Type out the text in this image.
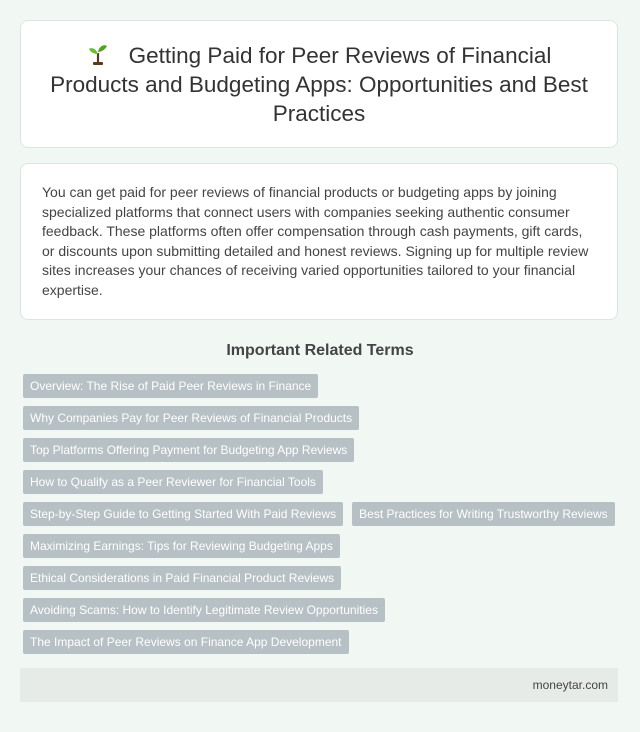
Getting Paid for Peer Reviews of Financial Products and Budgeting Apps: Opportunities and Best Practices

You can get paid for peer reviews of financial products or budgeting apps by joining specialized platforms that connect users with companies seeking authentic consumer feedback. These platforms often offer compensation through cash payments, gift cards, or discounts upon submitting detailed and honest reviews. Signing up for multiple review sites increases your chances of receiving varied opportunities tailored to your financial expertise.

Important Related Terms
Overview: The Rise of Paid Peer Reviews in Finance
Why Companies Pay for Peer Reviews of Financial Products
Top Platforms Offering Payment for Budgeting App Reviews
How to Qualify as a Peer Reviewer for Financial Tools
Step-by-Step Guide to Getting Started With Paid Reviews	Best Practices for Writing Trustworthy Reviews
Maximizing Earnings: Tips for Reviewing Budgeting Apps
Ethical Considerations in Paid Financial Product Reviews
Avoiding Scams: How to Identify Legitimate Review Opportunities
The Impact of Peer Reviews on Finance App Development
moneytar.com
